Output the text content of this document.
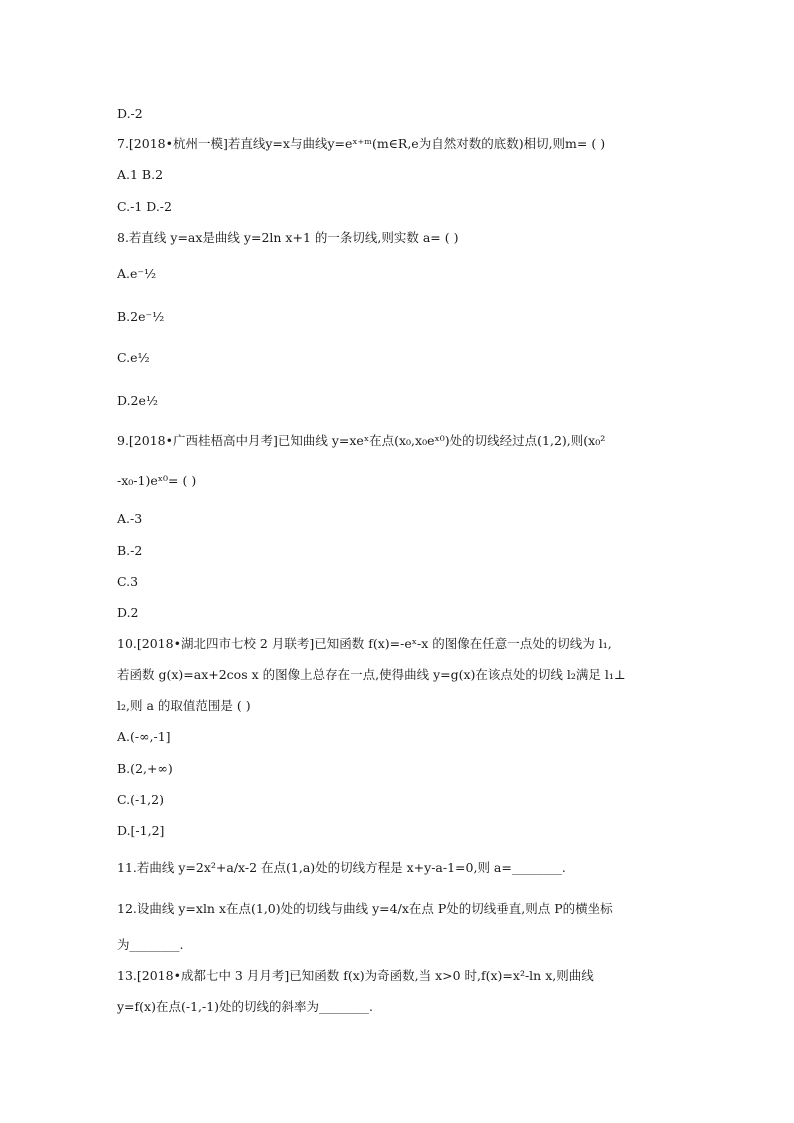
D.-2
7.[2018•杭州一模]若直线y=x与曲线y=eˣ⁺ᵐ(m∈R,e为自然对数的底数)相切,则m= ( )
A.1 B.2
C.-1 D.-2
8.若直线 y=ax是曲线 y=2ln x+1 的一条切线,则实数 a= ( )
A.e⁻½
B.2e⁻½
C.e½
D.2e½
9.[2018•广西桂梧高中月考]已知曲线 y=xeˣ在点(x₀,x₀eˣ⁰)处的切线经过点(1,2),则(x₀²
-x₀-1)eˣ⁰= ( )
A.-3
B.-2
C.3
D.2
10.[2018•湖北四市七校 2 月联考]已知函数 f(x)=-eˣ-x 的图像在任意一点处的切线为 l₁,
若函数 g(x)=ax+2cos x 的图像上总存在一点,使得曲线 y=g(x)在该点处的切线 l₂满足 l₁⊥
l₂,则 a 的取值范围是 ( )
A.(-∞,-1]
B.(2,+∞)
C.(-1,2)
D.[-1,2]
11.若曲线 y=2x²+a/x-2 在点(1,a)处的切线方程是 x+y-a-1=0,则 a=________.
12.设曲线 y=xln x在点(1,0)处的切线与曲线 y=4/x在点 P处的切线垂直,则点 P的横坐标
为________.
13.[2018•成都七中 3 月月考]已知函数 f(x)为奇函数,当 x>0 时,f(x)=x²-ln x,则曲线
y=f(x)在点(-1,-1)处的切线的斜率为________.
